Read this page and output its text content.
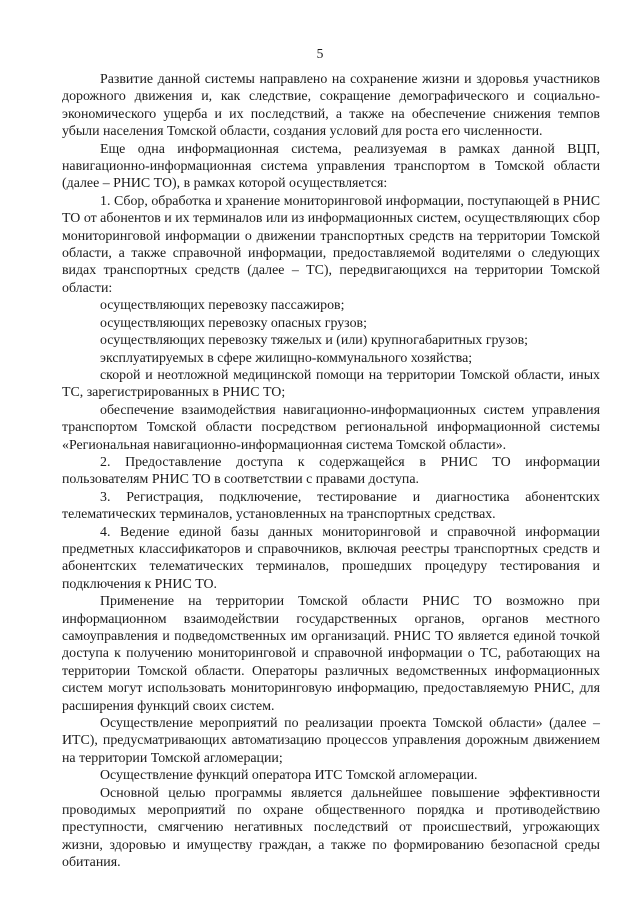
5

Развитие данной системы направлено на сохранение жизни и здоровья участников дорожного движения и, как следствие, сокращение демографического и социально-экономического ущерба и их последствий, а также на обеспечение снижения темпов убыли населения Томской области, создания условий для роста его численности.

Еще одна информационная система, реализуемая в рамках данной ВЦП, навигационно-информационная система управления транспортом в Томской области (далее – РНИС ТО), в рамках которой осуществляется:

1. Сбор, обработка и хранение мониторинговой информации, поступающей в РНИС ТО от абонентов и их терминалов или из информационных систем, осуществляющих сбор мониторинговой информации о движении транспортных средств на территории Томской области, а также справочной информации, предоставляемой водителями о следующих видах транспортных средств (далее – ТС), передвигающихся на территории Томской области:

осуществляющих перевозку пассажиров;

осуществляющих перевозку опасных грузов;

осуществляющих перевозку тяжелых и (или) крупногабаритных грузов;

эксплуатируемых в сфере жилищно-коммунального хозяйства;

скорой и неотложной медицинской помощи на территории Томской области, иных ТС, зарегистрированных в РНИС ТО;

обеспечение взаимодействия навигационно-информационных систем управления транспортом Томской области посредством региональной информационной системы «Региональная навигационно-информационная система Томской области».

2. Предоставление доступа к содержащейся в РНИС ТО информации пользователям РНИС ТО в соответствии с правами доступа.

3. Регистрация, подключение, тестирование и диагностика абонентских телематических терминалов, установленных на транспортных средствах.

4. Ведение единой базы данных мониторинговой и справочной информации предметных классификаторов и справочников, включая реестры транспортных средств и абонентских телематических терминалов, прошедших процедуру тестирования и подключения к РНИС ТО.

Применение на территории Томской области РНИС ТО возможно при информационном взаимодействии государственных органов, органов местного самоуправления и подведомственных им организаций. РНИС ТО является единой точкой доступа к получению мониторинговой и справочной информации о ТС, работающих на территории Томской области. Операторы различных ведомственных информационных систем могут использовать мониторинговую информацию, предоставляемую РНИС, для расширения функций своих систем.

Осуществление мероприятий по реализации проекта Томской области» (далее – ИТС), предусматривающих автоматизацию процессов управления дорожным движением на территории Томской агломерации;

Осуществление функций оператора ИТС Томской агломерации.

Основной целью программы является дальнейшее повышение эффективности проводимых мероприятий по охране общественного порядка и противодействию преступности, смягчению негативных последствий от происшествий, угрожающих жизни, здоровью и имуществу граждан, а также по формированию безопасной среды обитания.
